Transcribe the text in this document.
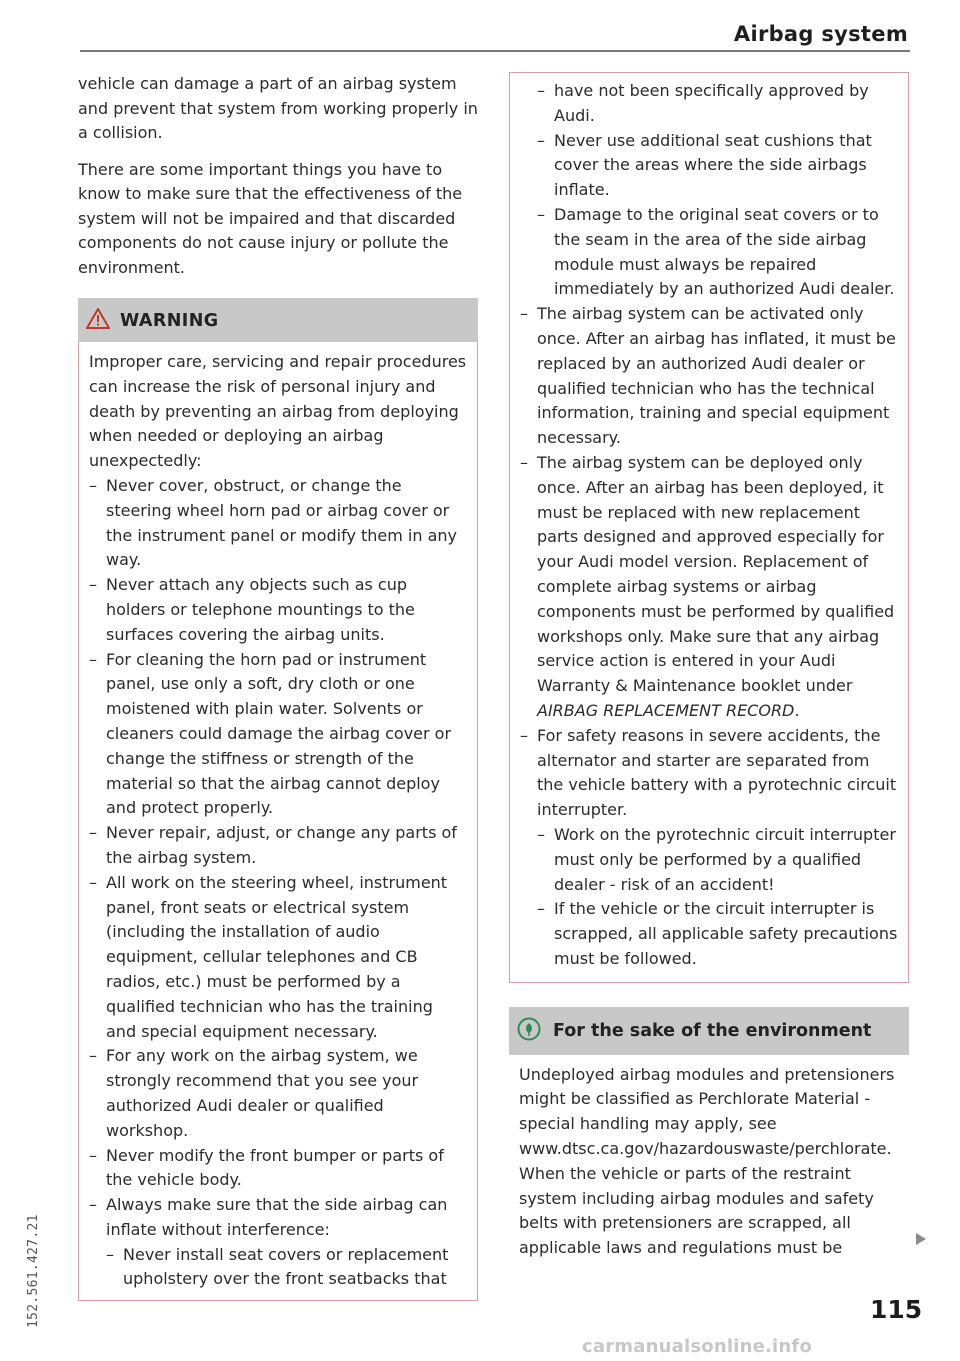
Airbag system

vehicle can damage a part of an airbag system and prevent that system from working properly in a collision.

There are some important things you have to know to make sure that the effectiveness of the system will not be impaired and that discarded components do not cause injury or pollute the environment.

WARNING

Improper care, servicing and repair procedures can increase the risk of personal injury and death by preventing an airbag from deploying when needed or deploying an airbag unexpectedly:

– Never cover, obstruct, or change the steering wheel horn pad or airbag cover or the instrument panel or modify them in any way.
– Never attach any objects such as cup holders or telephone mountings to the surfaces covering the airbag units.
– For cleaning the horn pad or instrument panel, use only a soft, dry cloth or one moistened with plain water. Solvents or cleaners could damage the airbag cover or change the stiffness or strength of the material so that the airbag cannot deploy and protect properly.
– Never repair, adjust, or change any parts of the airbag system.
– All work on the steering wheel, instrument panel, front seats or electrical system (including the installation of audio equipment, cellular telephones and CB radios, etc.) must be performed by a qualified technician who has the training and special equipment necessary.
– For any work on the airbag system, we strongly recommend that you see your authorized Audi dealer or qualified workshop.
– Never modify the front bumper or parts of the vehicle body.
– Always make sure that the side airbag can inflate without interference:
– Never install seat covers or replacement upholstery over the front seatbacks that
– have not been specifically approved by Audi.
– Never use additional seat cushions that cover the areas where the side airbags inflate.
– Damage to the original seat covers or to the seam in the area of the side airbag module must always be repaired immediately by an authorized Audi dealer.
– The airbag system can be activated only once. After an airbag has inflated, it must be replaced by an authorized Audi dealer or qualified technician who has the technical information, training and special equipment necessary.
– The airbag system can be deployed only once. After an airbag has been deployed, it must be replaced with new replacement parts designed and approved especially for your Audi model version. Replacement of complete airbag systems or airbag components must be performed by qualified workshops only. Make sure that any airbag service action is entered in your Audi Warranty & Maintenance booklet under AIRBAG REPLACEMENT RECORD.
– For safety reasons in severe accidents, the alternator and starter are separated from the vehicle battery with a pyrotechnic circuit interrupter.
– Work on the pyrotechnic circuit interrupter must only be performed by a qualified dealer - risk of an accident!
– If the vehicle or the circuit interrupter is scrapped, all applicable safety precautions must be followed.
For the sake of the environment

Undeployed airbag modules and pretensioners might be classified as Perchlorate Material -special handling may apply, see www.dtsc.ca.gov/hazardouswaste/perchlorate. When the vehicle or parts of the restraint system including airbag modules and safety belts with pretensioners are scrapped, all applicable laws and regulations must be

115
152.561.427.21
carmanualsonline.info
